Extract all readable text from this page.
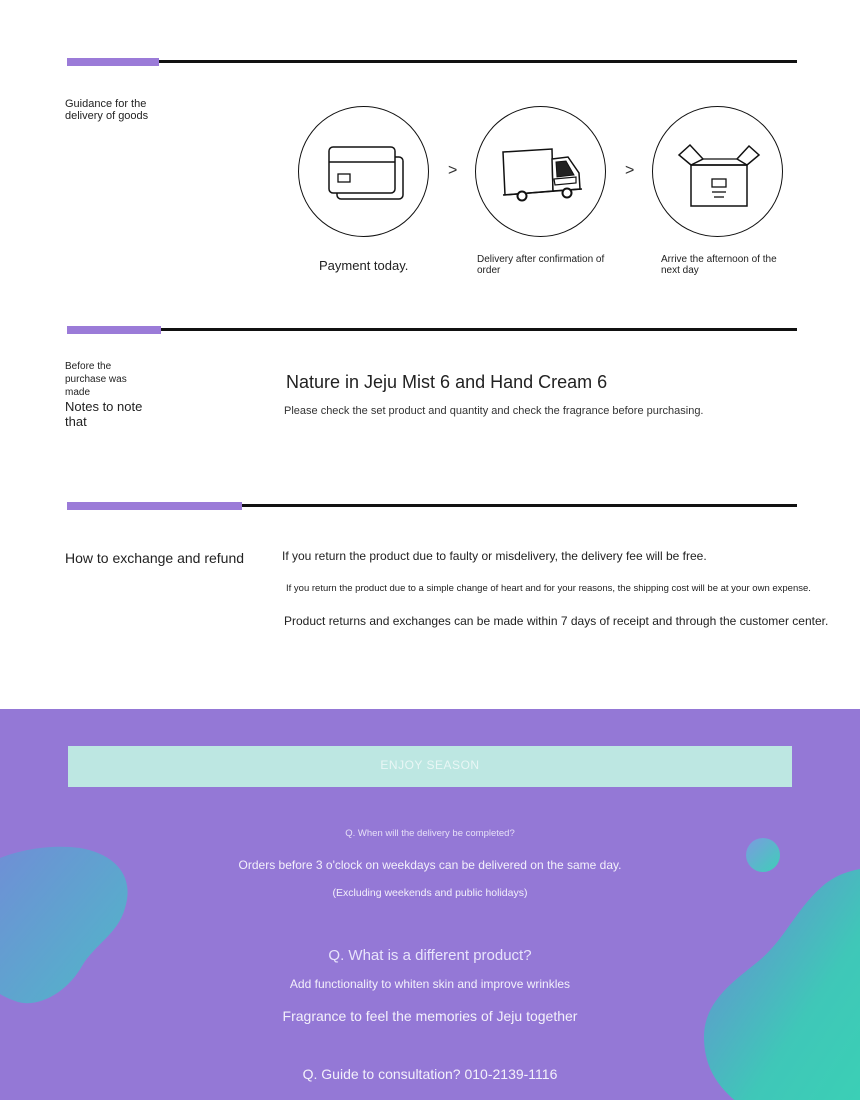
Guidance for the
delivery of goods
>	>
Payment today.	Delivery after confirmation of
order
Arrive the afternoon of the
next day
Before the
purchase was
made
Notes to note
that
Nature in Jeju Mist 6 and Hand Cream 6
Please check the set product and quantity and check the fragrance before purchasing.
How to exchange and refund	If you return the product due to faulty or misdelivery, the delivery fee will be free.
If you return the product due to a simple change of heart and for your reasons, the shipping cost will be at your own expense.
Product returns and exchanges can be made within 7 days of receipt and through the customer center.
ENJOY SEASON
Q. When will the delivery be completed?
Orders before 3 o'clock on weekdays can be delivered on the same day.
(Excluding weekends and public holidays)
Q. What is a different product?
Add functionality to whiten skin and improve wrinkles
Fragrance to feel the memories of Jeju together
Q. Guide to consultation? 010-2139-1116
